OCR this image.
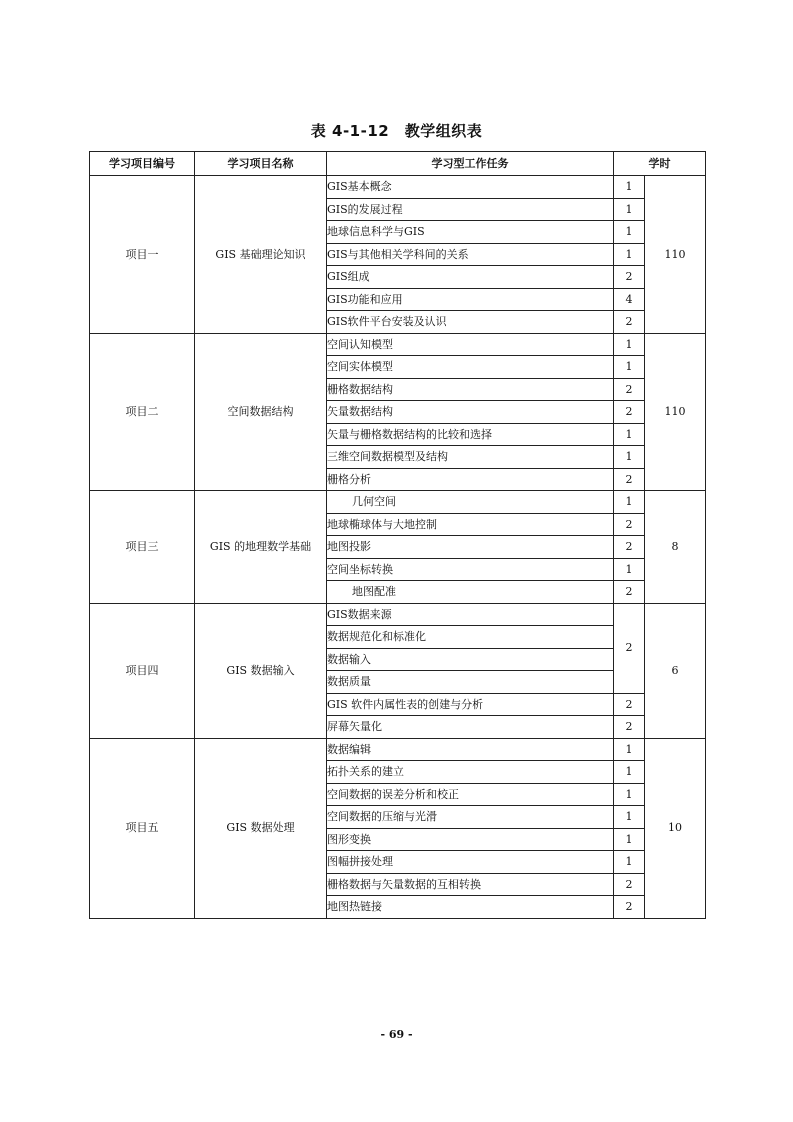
表 4-1-12　教学组织表
学习项目编号	学习项目名称	学习型工作任务	学时	
项目一	GIS 基础理论知识	GIS基本概念	1	110
		GIS的发展过程	1	
		地球信息科学与GIS	1	
		GIS与其他相关学科间的关系	1	
		GIS组成	2	
		GIS功能和应用	4	
		GIS软件平台安装及认识	2	
项目二	空间数据结构	空间认知模型	1	110
		空间实体模型	1	
		栅格数据结构	2	
		矢量数据结构	2	
		矢量与栅格数据结构的比较和选择	1	
		三维空间数据模型及结构	1	
		栅格分析	2	
项目三	GIS 的地理数学基础	几何空间	1	8
		地球椭球体与大地控制	2	
		地图投影	2	
		空间坐标转换	1	
		地图配准	2	
项目四	GIS 数据输入	GIS数据来源	2	6
		数据规范化和标准化		
		数据输入		
		数据质量		
		GIS 软件内属性表的创建与分析	2	
		屏幕矢量化	2	
项目五	GIS 数据处理	数据编辑	1	10
		拓扑关系的建立	1	
		空间数据的误差分析和校正	1	
		空间数据的压缩与光滑	1	
		图形变换	1	
		图幅拼接处理	1	
		栅格数据与矢量数据的互相转换	2	
		地图热链接	2	
- 69 -
